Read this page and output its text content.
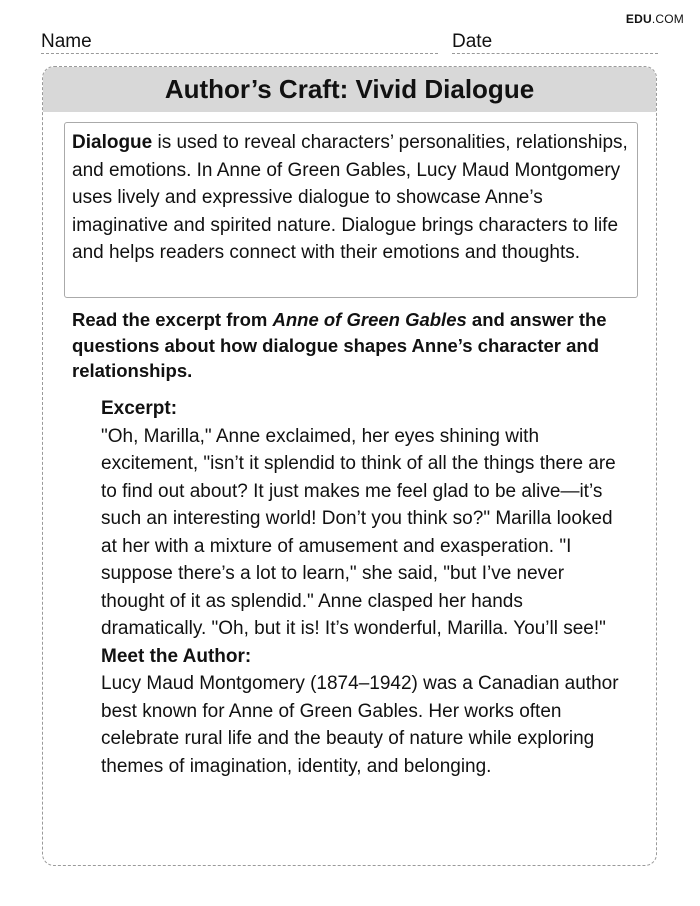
EDU.COM
Name	Date
Author’s Craft: Vivid Dialogue
Dialogue is used to reveal characters’ personalities, relationships, and emotions. In Anne of Green Gables, Lucy Maud Montgomery uses lively and expressive dialogue to showcase Anne’s imaginative and spirited nature. Dialogue brings characters to life and helps readers connect with their emotions and thoughts.
Read the excerpt from Anne of Green Gables and answer the questions about how dialogue shapes Anne’s character and relationships.
Excerpt:
"Oh, Marilla," Anne exclaimed, her eyes shining with excitement, "isn’t it splendid to think of all the things there are to find out about? It just makes me feel glad to be alive—it’s such an interesting world! Don’t you think so?" Marilla looked at her with a mixture of amusement and exasperation. "I suppose there’s a lot to learn," she said, "but I’ve never thought of it as splendid." Anne clasped her hands dramatically. "Oh, but it is! It’s wonderful, Marilla. You’ll see!"
Meet the Author:
Lucy Maud Montgomery (1874–1942) was a Canadian author best known for Anne of Green Gables. Her works often celebrate rural life and the beauty of nature while exploring themes of imagination, identity, and belonging.
